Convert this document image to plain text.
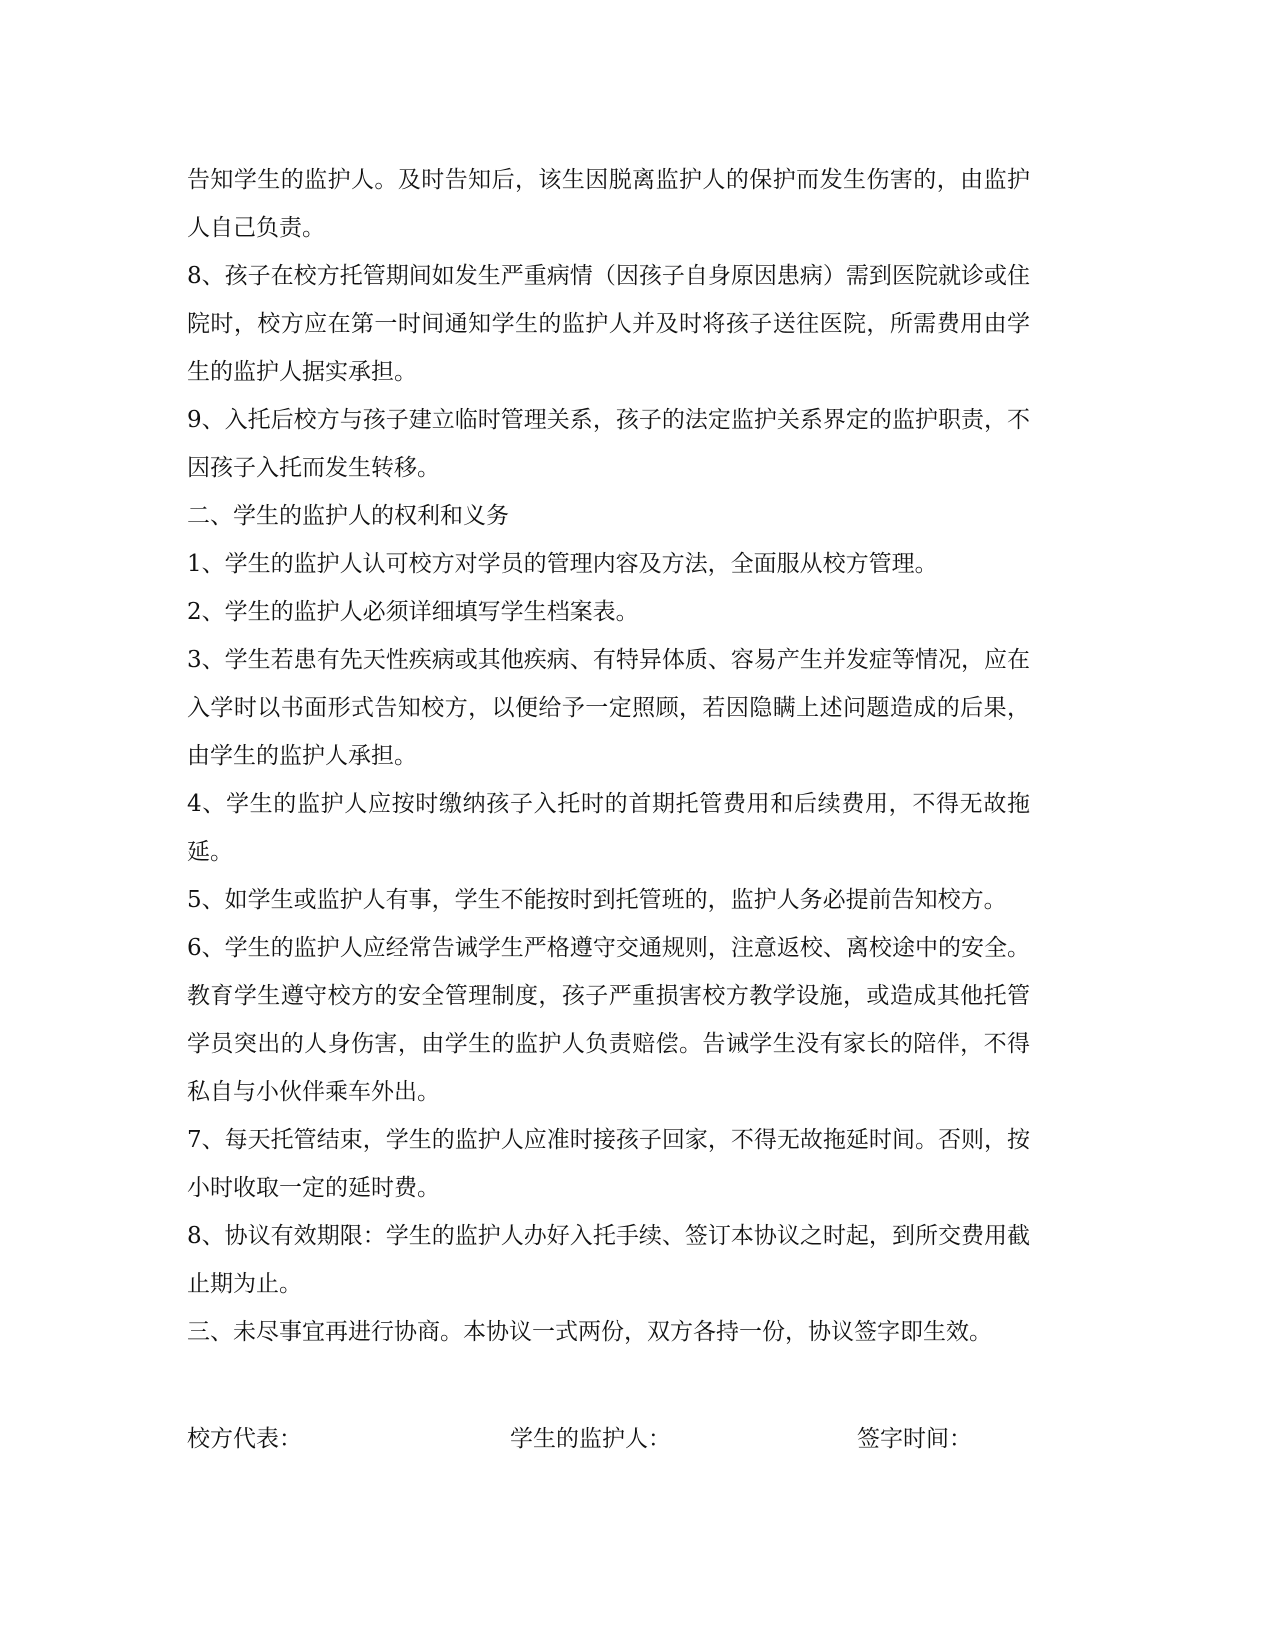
告知学生的监护人。及时告知后，该生因脱离监护人的保护而发生伤害的，由监护人自己负责。

8、孩子在校方托管期间如发生严重病情（因孩子自身原因患病）需到医院就诊或住院时，校方应在第一时间通知学生的监护人并及时将孩子送往医院，所需费用由学生的监护人据实承担。

9、入托后校方与孩子建立临时管理关系，孩子的法定监护关系界定的监护职责，不因孩子入托而发生转移。

二、学生的监护人的权利和义务

1、学生的监护人认可校方对学员的管理内容及方法，全面服从校方管理。

2、学生的监护人必须详细填写学生档案表。

3、学生若患有先天性疾病或其他疾病、有特异体质、容易产生并发症等情况，应在入学时以书面形式告知校方，以便给予一定照顾，若因隐瞒上述问题造成的后果，由学生的监护人承担。

4、学生的监护人应按时缴纳孩子入托时的首期托管费用和后续费用，不得无故拖延。

5、如学生或监护人有事，学生不能按时到托管班的，监护人务必提前告知校方。

6、学生的监护人应经常告诫学生严格遵守交通规则，注意返校、离校途中的安全。教育学生遵守校方的安全管理制度，孩子严重损害校方教学设施，或造成其他托管学员突出的人身伤害，由学生的监护人负责赔偿。告诫学生没有家长的陪伴，不得私自与小伙伴乘车外出。

7、每天托管结束，学生的监护人应准时接孩子回家，不得无故拖延时间。否则，按小时收取一定的延时费。

8、协议有效期限：学生的监护人办好入托手续、签订本协议之时起，到所交费用截止期为止。

三、未尽事宜再进行协商。本协议一式两份，双方各持一份，协议签字即生效。

校方代表：	学生的监护人：	签字时间：
